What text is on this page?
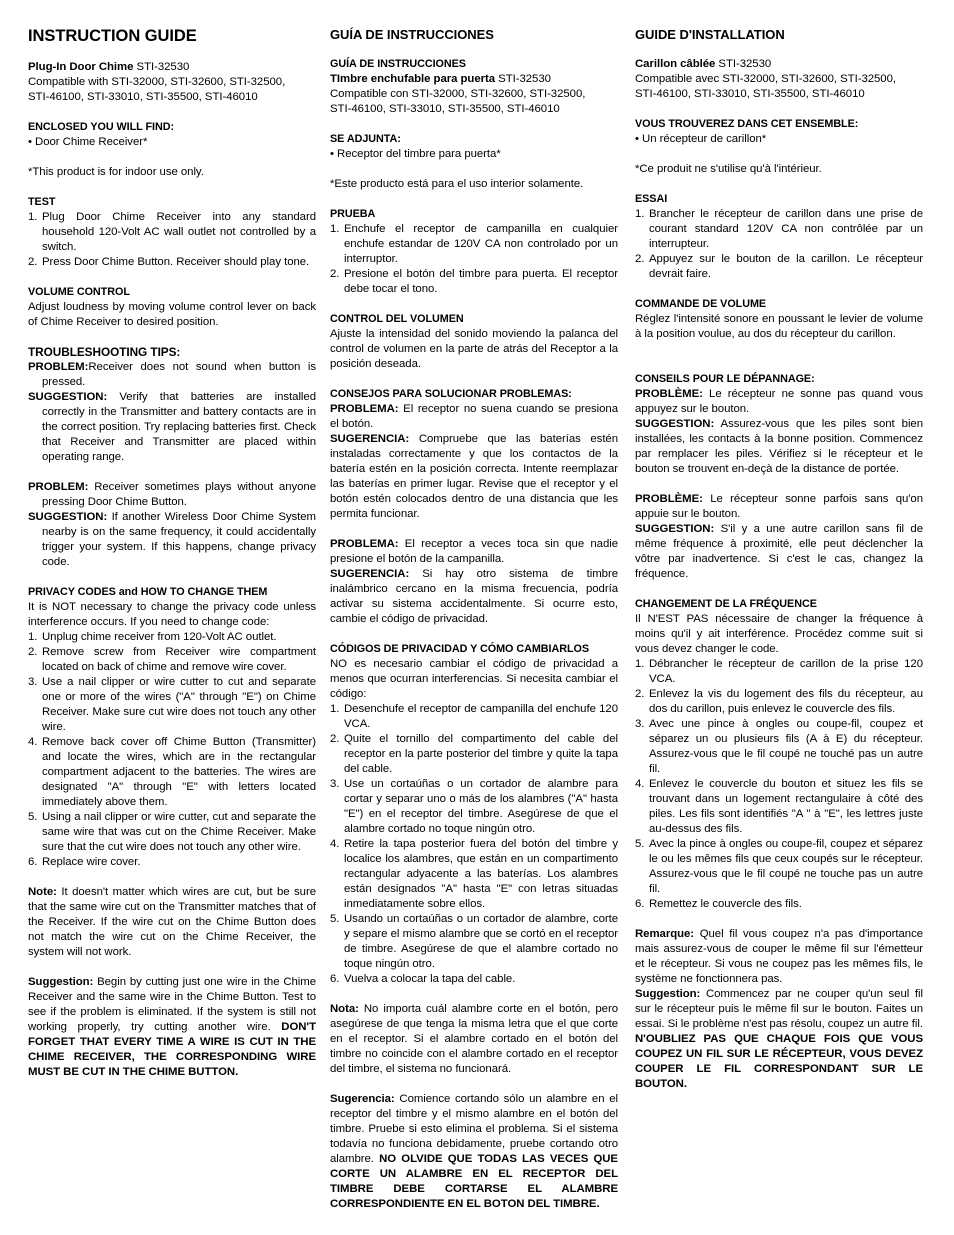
INSTRUCTION GUIDE
Plug-In Door Chime STI-32530
Compatible with STI-32000, STI-32600, STI-32500,
STI-46100, STI-33010, STI-35500, STI-46010
ENCLOSED YOU WILL FIND:
• Door Chime Receiver*
*This product is for indoor use only.
TEST
1. Plug Door Chime Receiver into any standard household 120-Volt AC wall outlet not controlled by a switch.
2. Press Door Chime Button. Receiver should play tone.
VOLUME CONTROL
Adjust loudness by moving volume control lever on back of Chime Receiver to desired position.
TROUBLESHOOTING TIPS:
PROBLEM:Receiver does not sound when button is pressed.
SUGGESTION: Verify that batteries are installed correctly in the Transmitter and battery contacts are in the correct position. Try replacing batteries first. Check that Receiver and Transmitter are placed within operating range.
PROBLEM: Receiver sometimes plays without anyone pressing Door Chime Button.
SUGGESTION: If another Wireless Door Chime System nearby is on the same frequency, it could accidentally trigger your system. If this happens, change privacy code.
PRIVACY CODES and HOW TO CHANGE THEM
It is NOT necessary to change the privacy code unless interference occurs. If you need to change code:
1. Unplug chime receiver from 120-Volt AC outlet.
2. Remove screw from Receiver wire compartment located on back of chime and remove wire cover.
3. Use a nail clipper or wire cutter to cut and separate one or more of the wires ("A" through "E") on Chime Receiver. Make sure cut wire does not touch any other wire.
4. Remove back cover off Chime Button (Transmitter) and locate the wires, which are in the rectangular compartment adjacent to the batteries. The wires are designated "A" through "E" with letters located immediately above them.
5. Using a nail clipper or wire cutter, cut and separate the same wire that was cut on the Chime Receiver. Make sure that the cut wire does not touch any other wire.
6. Replace wire cover.
Note: It doesn't matter which wires are cut, but be sure that the same wire cut on the Transmitter matches that of the Receiver. If the wire cut on the Chime Button does not match the wire cut on the Chime Receiver, the system will not work.
Suggestion: Begin by cutting just one wire in the Chime Receiver and the same wire in the Chime Button. Test to see if the problem is eliminated. If the system is still not working properly, try cutting another wire. DON'T FORGET THAT EVERY TIME A WIRE IS CUT IN THE CHIME RECEIVER, THE CORRESPONDING WIRE MUST BE CUT IN THE CHIME BUTTON.
GUÍA DE INSTRUCCIONES
GUÍA DE INSTRUCCIONES
TImbre enchufable para puerta STI-32530
Compatible con STI-32000, STI-32600, STI-32500,
STI-46100, STI-33010, STI-35500, STI-46010
SE ADJUNTA:
• Receptor del timbre para puerta*
*Este producto está para el uso interior solamente.
PRUEBA
1. Enchufe el receptor de campanilla en cualquier enchufe estandar de 120V CA non controlado por un interruptor.
2. Presione el botón del timbre para puerta. El receptor debe tocar el tono.
CONTROL DEL VOLUMEN
Ajuste la intensidad del sonido moviendo la palanca del control de volumen en la parte de atrás del Receptor a la posición deseada.
CONSEJOS PARA SOLUCIONAR PROBLEMAS:
PROBLEMA: El receptor no suena cuando se presiona el botón.
SUGERENCIA: Compruebe que las baterías estén instaladas correctamente y que los contactos de la batería estén en la posición correcta. Intente reemplazar las baterías en primer lugar. Revise que el receptor y el botón estén colocados dentro de una distancia que les permita funcionar.
PROBLEMA: El receptor a veces toca sin que nadie presione el botón de la campanilla.
SUGERENCIA: Si hay otro sistema de timbre inalámbrico cercano en la misma frecuencia, podría activar su sistema accidentalmente. Si ocurre esto, cambie el código de privacidad.
CÓDIGOS DE PRIVACIDAD Y CÓMO CAMBIARLOS
NO es necesario cambiar el código de privacidad a menos que ocurran interferencias. Si necesita cambiar el código:
1. Desenchufe el receptor de campanilla del enchufe 120 VCA.
2. Quite el tornillo del compartimento del cable del receptor en la parte posterior del timbre y quite la tapa del cable.
3. Use un cortaúñas o un cortador de alambre para cortar y separar uno o más de los alambres ("A" hasta "E") en el receptor del timbre. Asegúrese de que el alambre cortado no toque ningún otro.
4. Retire la tapa posterior fuera del botón del timbre y localice los alambres, que están en un compartimento rectangular adyacente a las baterías. Los alambres están designados "A" hasta "E" con letras situadas inmediatamente sobre ellos.
5. Usando un cortaúñas o un cortador de alambre, corte y separe el mismo alambre que se cortó en el receptor de timbre. Asegúrese de que el alambre cortado no toque ningún otro.
6. Vuelva a colocar la tapa del cable.
Nota: No importa cuál alambre corte en el botón, pero asegúrese de que tenga la misma letra que el que corte en el receptor. Si el alambre cortado en el botón del timbre no coincide con el alambre cortado en el receptor del timbre, el sistema no funcionará.
Sugerencia: Comience cortando sólo un alambre en el receptor del timbre y el mismo alambre en el botón del timbre. Pruebe si esto elimina el problema. Si el sistema todavía no funciona debidamente, pruebe cortando otro alambre. NO OLVIDE QUE TODAS LAS VECES QUE CORTE UN ALAMBRE EN EL RECEPTOR DEL TIMBRE DEBE CORTARSE EL ALAMBRE CORRESPONDIENTE EN EL BOTON DEL TIMBRE.
GUIDE D'INSTALLATION
Carillon câblée STI-32530
Compatible avec STI-32000, STI-32600, STI-32500,
STI-46100, STI-33010, STI-35500, STI-46010
VOUS TROUVEREZ DANS CET ENSEMBLE:
• Un récepteur de carillon*
*Ce produit ne s'utilise qu'à l'intérieur.
ESSAI
1. Brancher le récepteur de carillon dans une prise de courant standard 120V CA non contrôlée par un interrupteur.
2. Appuyez sur le bouton de la carillon. Le récepteur devrait faire.
COMMANDE DE VOLUME
Réglez l'intensité sonore en poussant le levier de volume à la position voulue, au dos du récepteur du carillon.
CONSEILS POUR LE DÉPANNAGE:
PROBLÈME: Le récepteur ne sonne pas quand vous appuyez sur le bouton.
SUGGESTION: Assurez-vous que les piles sont bien installées, les contacts à la bonne position. Commencez par remplacer les piles. Vérifiez si le récepteur et le bouton se trouvent en-deçà de la distance de portée.
PROBLÈME: Le récepteur sonne parfois sans qu'on appuie sur le bouton.
SUGGESTION: S'il y a une autre carillon sans fil de même fréquence à proximité, elle peut déclencher la vôtre par inadvertence. Si c'est le cas, changez la fréquence.
CHANGEMENT DE LA FRÉQUENCE
Il N'EST PAS nécessaire de changer la fréquence à moins qu'il y ait interférence. Procédez comme suit si vous devez changer le code.
1. Débrancher le récepteur de carillon de la prise 120 VCA.
2. Enlevez la vis du logement des fils du récepteur, au dos du carillon, puis enlevez le couvercle des fils.
3. Avec une pince à ongles ou coupe-fil, coupez et séparez un ou plusieurs fils (A à E) du récepteur. Assurez-vous que le fil coupé ne touché pas un autre fil.
4. Enlevez le couvercle du bouton et situez les fils se trouvant dans un logement rectangulaire à côté des piles. Les fils sont identifiés "A " à "E", les lettres juste au-dessus des fils.
5. Avec la pince à ongles ou coupe-fil, coupez et séparez le ou les mêmes fils que ceux coupés sur le récepteur. Assurez-vous que le fil coupé ne touche pas un autre fil.
6. Remettez le couvercle des fils.
Remarque: Quel fil vous coupez n'a pas d'importance mais assurez-vous de couper le même fil sur l'émetteur et le récepteur. Si vous ne coupez pas les mêmes fils, le système ne fonctionnera pas.
Suggestion: Commencez par ne couper qu'un seul fil sur le récepteur puis le même fil sur le bouton. Faites un essai. Si le problème n'est pas résolu, coupez un autre fil. N'OUBLIEZ PAS QUE CHAQUE FOIS QUE VOUS COUPEZ UN FIL SUR LE RÉCEPTEUR, VOUS DEVEZ COUPER LE FIL CORRESPONDANT SUR LE BOUTON.
